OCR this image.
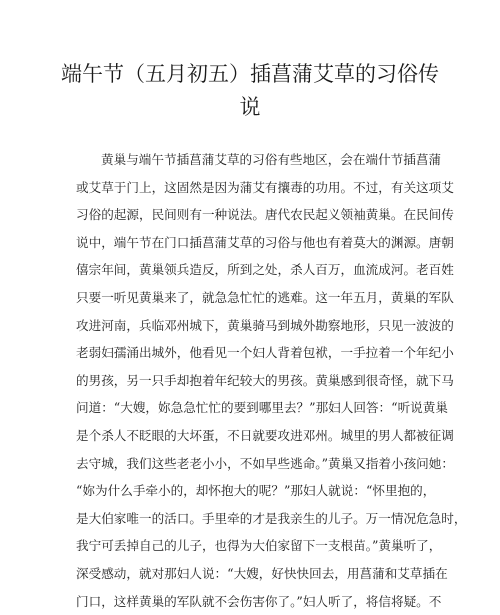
端午节（五月初五）插菖蒲艾草的习俗传
说
黄巢与端午节插菖蒲艾草的习俗有些地区，会在端什节插菖蒲
或艾草于门上，这固然是因为蒲艾有攘毒的功用。不过，有关这项艾
习俗的起源，民间则有一种说法。唐代农民起义领袖黄巢。在民间传
说中，端午节在门口插菖蒲艾草的习俗与他也有着莫大的渊源。唐朝
僖宗年间，黄巢领兵造反，所到之处，杀人百万，血流成河。老百姓
只要一听见黄巢来了，就急急忙忙的逃难。这一年五月，黄巢的军队
攻进河南，兵临邓州城下，黄巢骑马到城外勘察地形，只见一波波的
老弱妇孺涌出城外，他看见一个妇人背着包袱，一手拉着一个年纪小
的男孩，另一只手却抱着年纪较大的男孩。黄巢感到很奇怪，就下马
问道：“大嫂，妳急急忙忙的要到哪里去？”那妇人回答：“听说黄巢
是个杀人不眨眼的大坏蛋，不日就要攻进邓州。城里的男人都被征调
去守城，我们这些老老小小，不如早些逃命。”黄巢又指着小孩问她：
“妳为什么手牵小的，却怀抱大的呢？”那妇人就说：“怀里抱的，
是大伯家唯一的活口。手里牵的才是我亲生的儿子。万一情况危急时，
我宁可丢掉自己的儿子，也得为大伯家留下一支根苗。”黄巢听了，
深受感动，就对那妇人说：“大嫂，好快快回去，用菖蒲和艾草插在
门口，这样黄巢的军队就不会伤害你了。”妇人听了，将信将疑。不
